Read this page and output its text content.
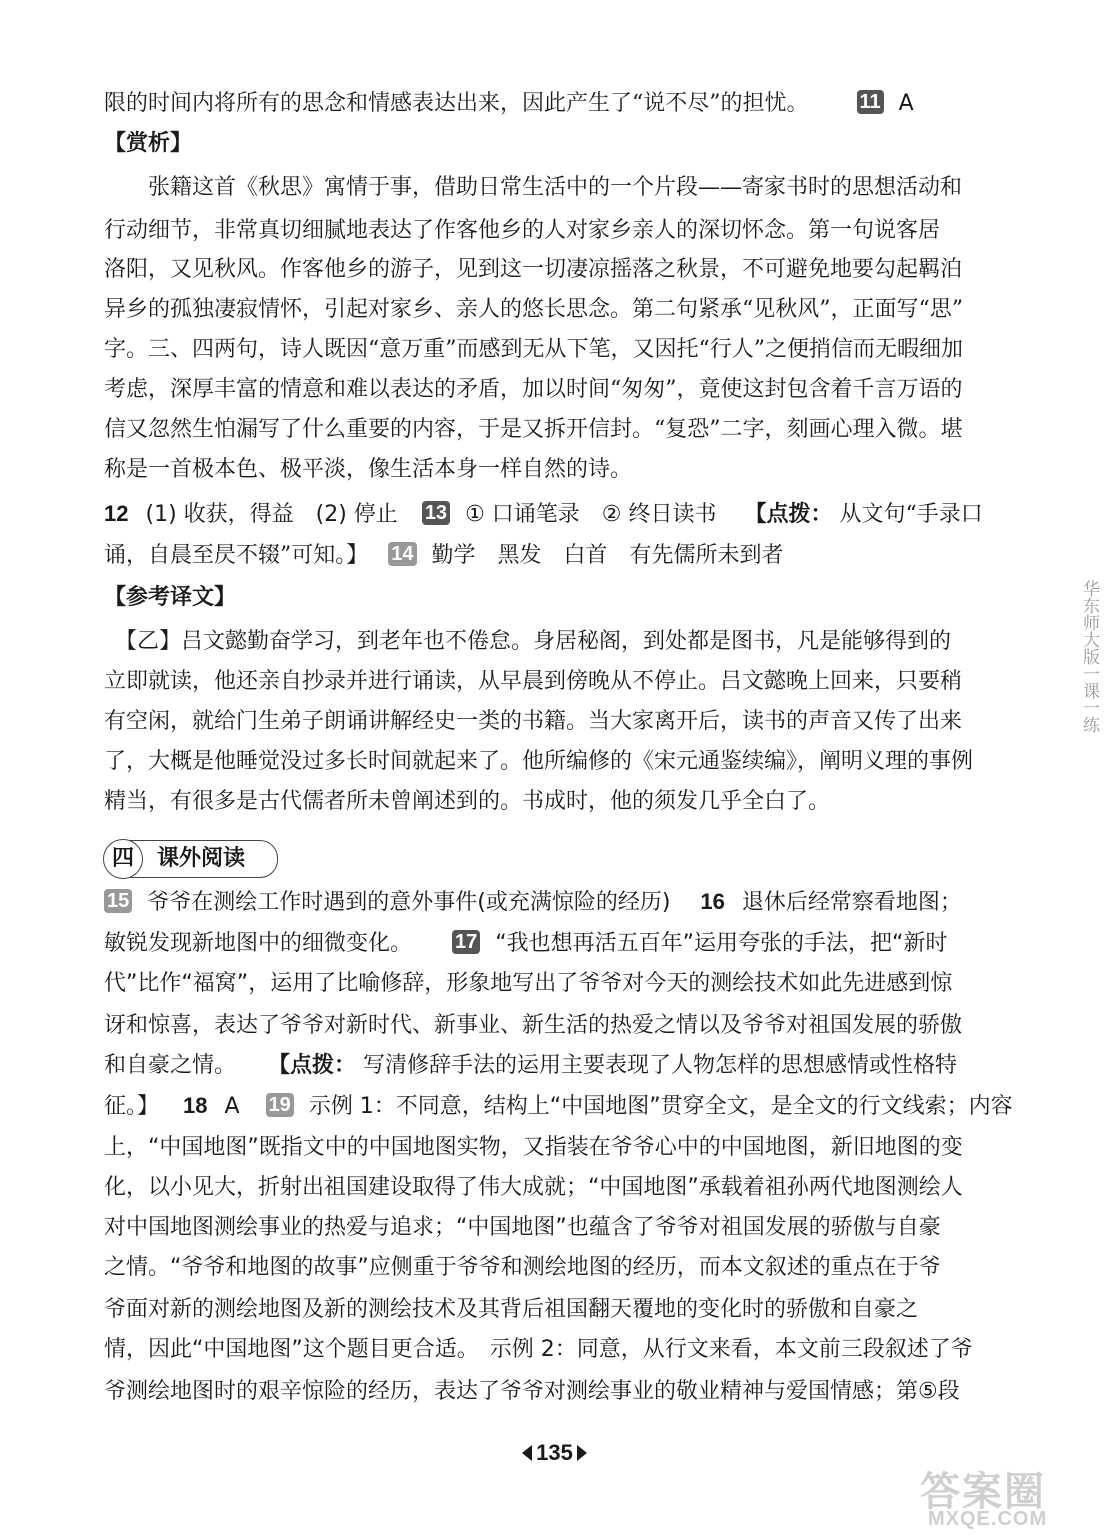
限的时间内将所有的思念和情感表达出来，因此产生了“说不尽”的担忧。	11 A
【赏析】
　　张籍这首《秋思》寓情于事，借助日常生活中的一个片段——寄家书时的思想活动和
行动细节，非常真切细腻地表达了作客他乡的人对家乡亲人的深切怀念。第一句说客居
洛阳，又见秋风。作客他乡的游子，见到这一切凄凉摇落之秋景，不可避免地要勾起羁泊
异乡的孤独凄寂情怀，引起对家乡、亲人的悠长思念。第二句紧承“见秋风”，正面写“思”
字。三、四两句，诗人既因“意万重”而感到无从下笔，又因托“行人”之便捎信而无暇细加
考虑，深厚丰富的情意和难以表达的矛盾，加以时间“匆匆”，竟使这封包含着千言万语的
信又忽然生怕漏写了什么重要的内容，于是又拆开信封。“复恐”二字，刻画心理入微。堪
称是一首极本色、极平淡，像生活本身一样自然的诗。
12 (1) 收获，得益　(2) 停止 13 ① 口诵笔录　② 终日读书 【点拨： 从文句“手录口
诵，自晨至昃不辍”可知。】 14 勤学　黑发　白首　有先儒所未到者
【参考译文】
　【乙】吕文懿勤奋学习，到老年也不倦怠。身居秘阁，到处都是图书，凡是能够得到的
立即就读，他还亲自抄录并进行诵读，从早晨到傍晚从不停止。吕文懿晚上回来，只要稍
有空闲，就给门生弟子朗诵讲解经史一类的书籍。当大家离开后，读书的声音又传了出来
了，大概是他睡觉没过多长时间就起来了。他所编修的《宋元通鉴续编》，阐明义理的事例
精当，有很多是古代儒者所未曾阐述到的。书成时，他的须发几乎全白了。
四	课外阅读
15 爷爷在测绘工作时遇到的意外事件(或充满惊险的经历) 16 退休后经常察看地图；
敏锐发现新地图中的细微变化。 17 “我也想再活五百年”运用夸张的手法，把“新时
代”比作“福窝”，运用了比喻修辞，形象地写出了爷爷对今天的测绘技术如此先进感到惊
讶和惊喜，表达了爷爷对新时代、新事业、新生活的热爱之情以及爷爷对祖国发展的骄傲
和自豪之情。 【点拨： 写清修辞手法的运用主要表现了人物怎样的思想感情或性格特
征。】 18 A 19 示例 1：不同意，结构上“中国地图”贯穿全文，是全文的行文线索；内容
上，“中国地图”既指文中的中国地图实物，又指装在爷爷心中的中国地图，新旧地图的变
化，以小见大，折射出祖国建设取得了伟大成就；“中国地图”承载着祖孙两代地图测绘人
对中国地图测绘事业的热爱与追求；“中国地图”也蕴含了爷爷对祖国发展的骄傲与自豪
之情。“爷爷和地图的故事”应侧重于爷爷和测绘地图的经历，而本文叙述的重点在于爷
爷面对新的测绘地图及新的测绘技术及其背后祖国翻天覆地的变化时的骄傲和自豪之
情，因此“中国地图”这个题目更合适。　示例 2：同意，从行文来看，本文前三段叙述了爷
爷测绘地图时的艰辛惊险的经历，表达了爷爷对测绘事业的敬业精神与爱国情感；第⑤段
华东师大版一课一练
135
答案圈
MXQE.COM
